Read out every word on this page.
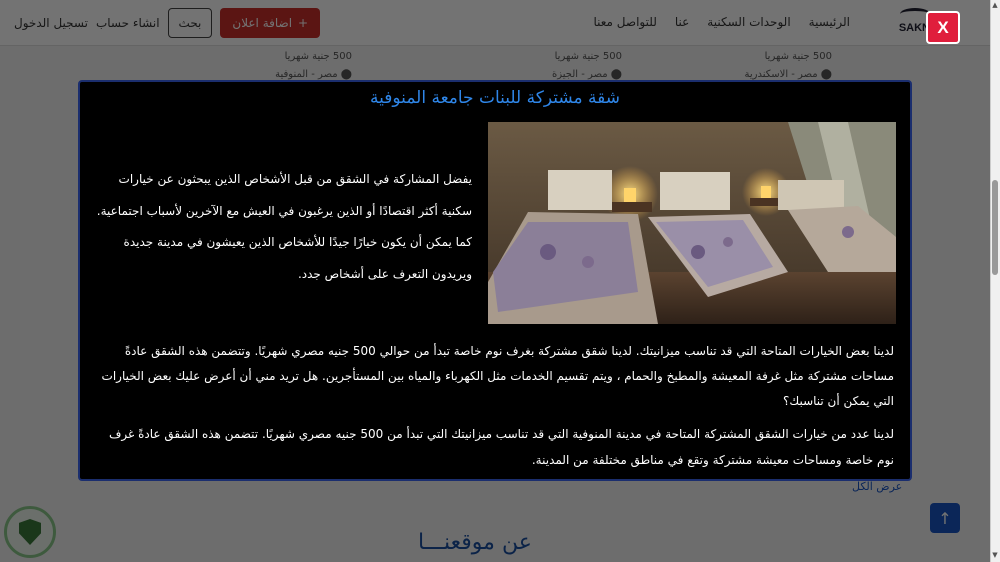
▲
▼
شقة مشتركة للبنات جامعة المنوفية
يفضل المشاركة في الشقق من قبل الأشخاص الذين يبحثون عن خيارات سكنية أكثر اقتصادًا أو الذين يرغبون في العيش مع الآخرين لأسباب اجتماعية. كما يمكن أن يكون خيارًا جيدًا للأشخاص الذين يعيشون في مدينة جديدة ويريدون التعرف على أشخاص جدد.
لدينا بعض الخيارات المتاحة التي قد تناسب ميزانيتك. لدينا شقق مشتركة بغرف نوم خاصة تبدأ من حوالي 500 جنيه مصري شهريًا. وتتضمن هذه الشقق عادةً مساحات مشتركة مثل غرفة المعيشة والمطبخ والحمام ، ويتم تقسيم الخدمات مثل الكهرباء والمياه بين المستأجرين. هل تريد مني أن أعرض عليك بعض الخيارات التي يمكن أن تناسبك؟
لدينا عدد من خيارات الشقق المشتركة المتاحة في مدينة المنوفية التي قد تناسب ميزانيتك التي تبدأ من 500 جنيه مصري شهريًا. تتضمن هذه الشقق عادةً غرف نوم خاصة ومساحات معيشة مشتركة وتقع في مناطق مختلفة من المدينة.
X
